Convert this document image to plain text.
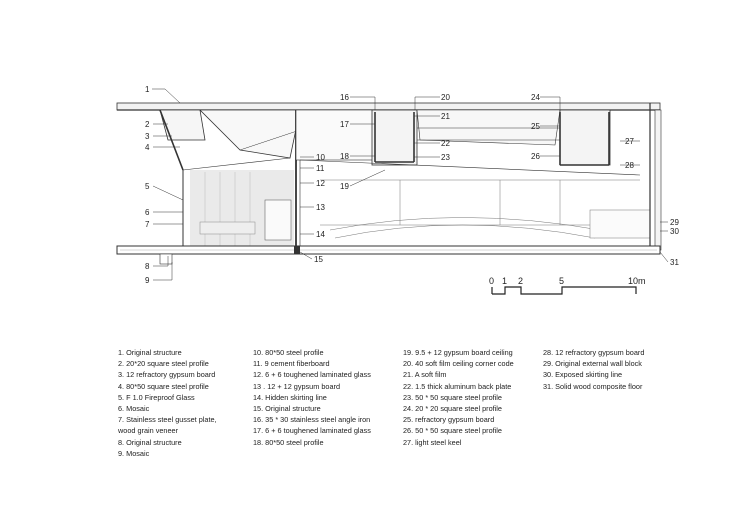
1
2
3
4
5
6
7
8
9
10
11
12
13
14
15
16
17
18
19
20
21
22
23
24
25
26
27
28
29
30
31
0 1 2	5	10m
1. Original structure
2. 20*20 square steel profile
3. 12 refractory gypsum board
4. 80*50 square steel profile
5. F 1.0 Fireproof Glass
6. Mosaic
7. Stainless steel gusset plate,
wood grain veneer
8. Original structure
9. Mosaic
10. 80*50 steel profile
11. 9 cement fiberboard
12. 6 + 6 toughened laminated glass
13 . 12 + 12 gypsum board
14. Hidden skirting line
15. Original structure
16. 35 * 30 stainless steel angle iron
17. 6 + 6 toughened laminated glass
18. 80*50 steel profile
19. 9.5 + 12 gypsum board ceiling
20. 40 soft film ceiling corner code
21. A soft film
22. 1.5 thick aluminum back plate
23. 50 * 50 square steel profile
24. 20 * 20 square steel profile
25. refractory gypsum board
26. 50 * 50 square steel profile
27. light steel keel
28. 12 refractory gypsum board
29. Original external wall block
30. Exposed skirting line
31. Solid wood composite floor
